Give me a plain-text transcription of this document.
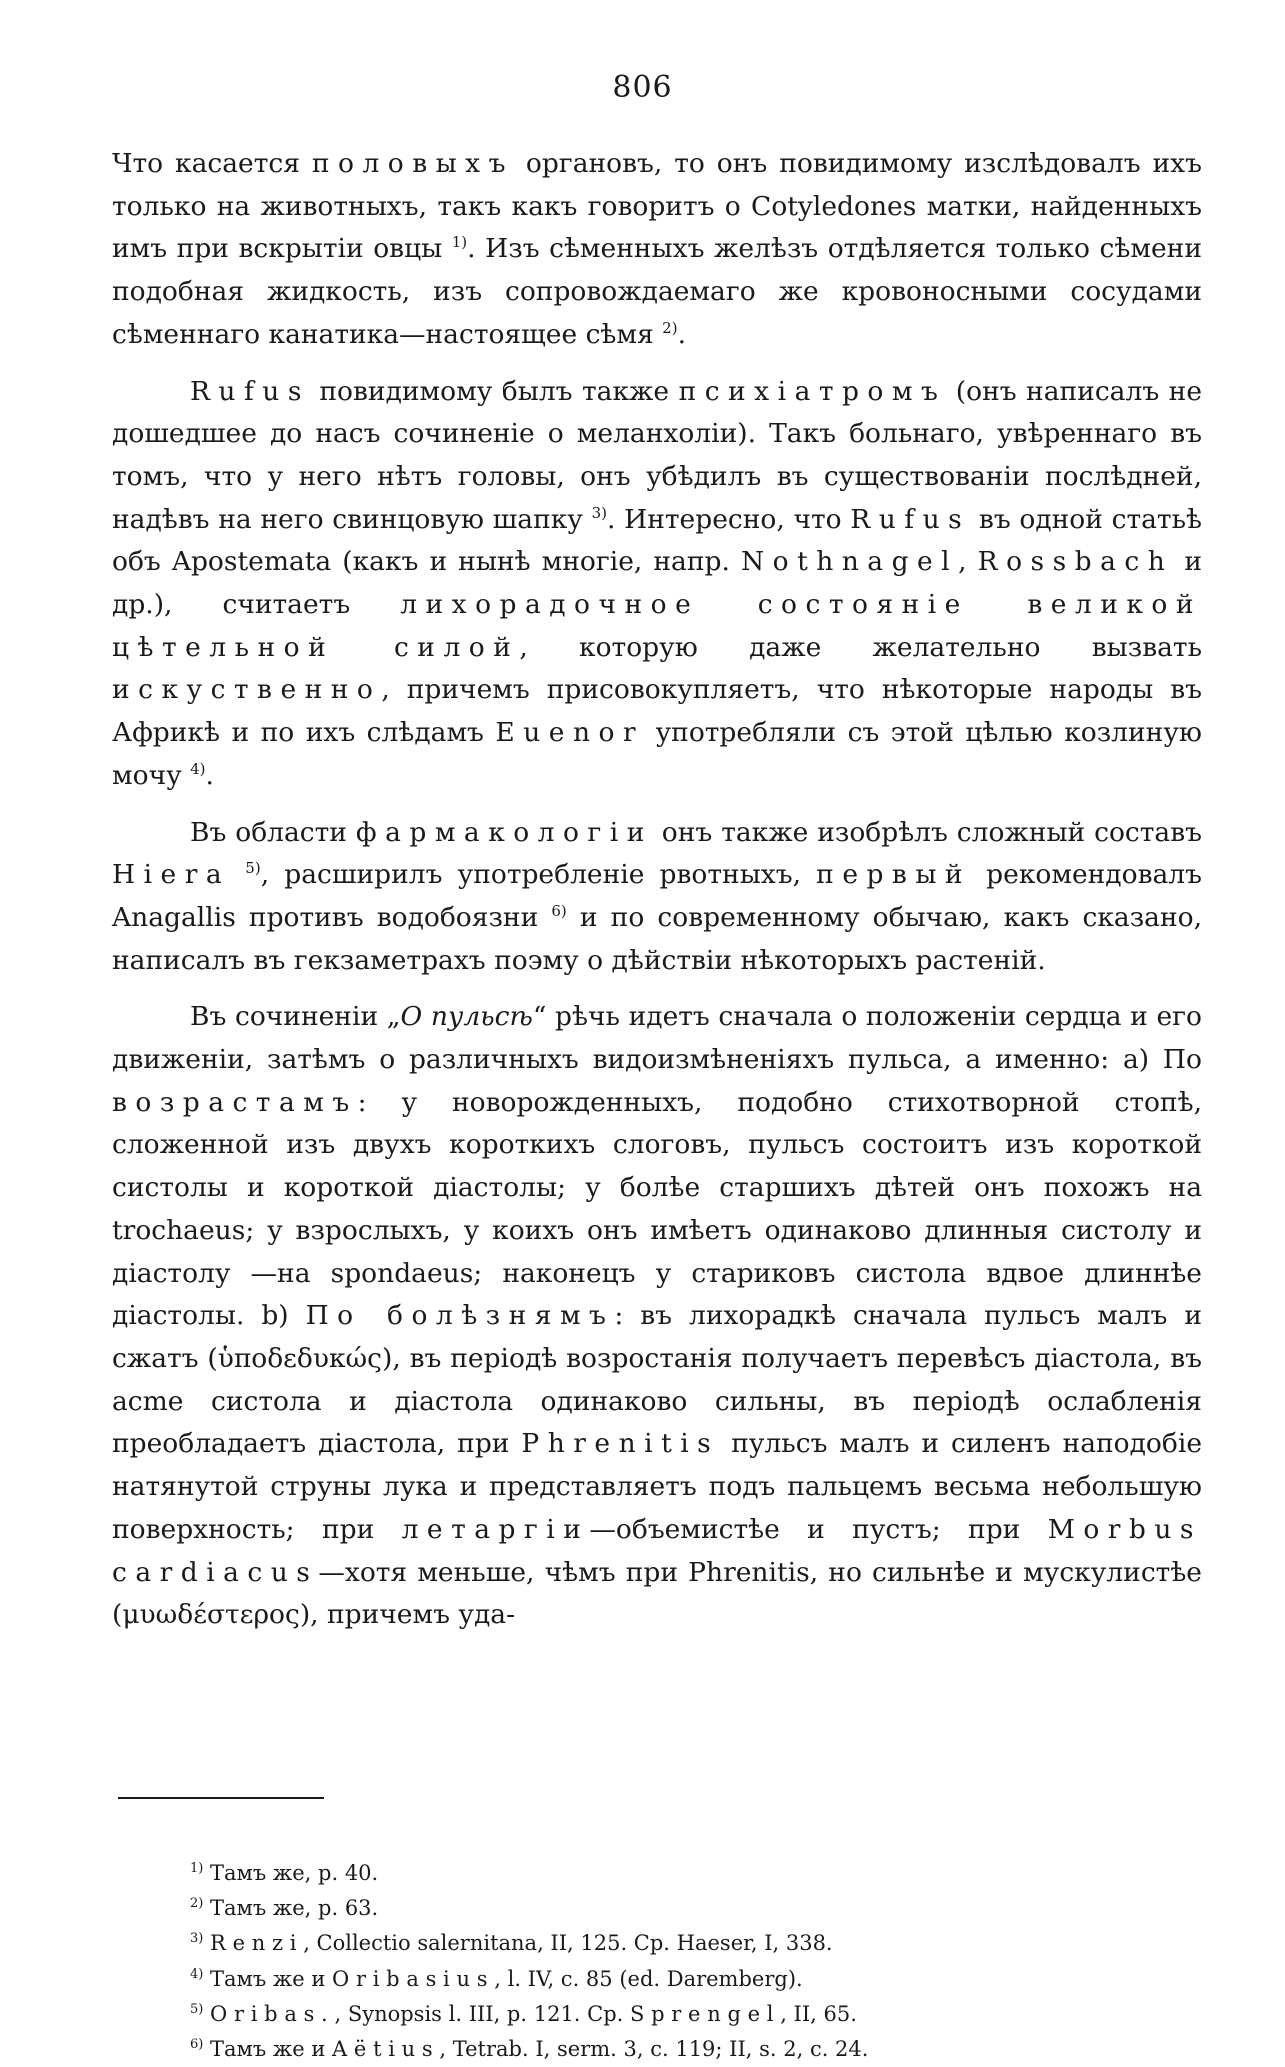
806

Что касается половыхъ органовъ, то онъ повидимому изслѣдовалъ ихъ только на животныхъ, такъ какъ говоритъ о Cotyledones матки, найденныхъ имъ при вскрытіи овцы $^{1)}$. Изъ сѣменныхъ желѣзъ отдѣляется только сѣмени подобная жидкость, изъ сопровождаемаго же кровоносными сосудами сѣменнаго канатика—настоящее сѣмя $^{2)}$.

Rufus повидимому былъ также психіатромъ (онъ написалъ не дошедшее до насъ сочиненіе о меланхоліи). Такъ больнаго, увѣреннаго въ томъ, что у него нѣтъ головы, онъ убѣдилъ въ существованіи послѣдней, надѣвъ на него свинцовую шапку $^{3)}$. Интересно, что Rufus въ одной статьѣ объ Apostemata (какъ и нынѣ многіе, напр. Nothnagel, Rossbach и др.), считаетъ лихорадочное состояніе великой цѣтельной силой, которую даже желательно вызвать искуственно, причемъ присовокупляетъ, что нѣкоторые народы въ Африкѣ и по ихъ слѣдамъ Euenor употребляли съ этой цѣлью козлиную мочу $^{4)}$.

Въ области фармакологіи онъ также изобрѣлъ сложный составъ Hiera $^{5)}$, расширилъ употребленіе рвотныхъ, первый рекомендовалъ Anagallis противъ водобоязни $^{6)}$ и по современному обычаю, какъ сказано, написалъ въ гекзаметрахъ поэму о дѣйствіи нѣкоторыхъ растеній.

Въ сочиненіи „О пульсѣ“ рѣчь идетъ сначала о положеніи сердца и его движеніи, затѣмъ о различныхъ видоизмѣненіяхъ пульса, а именно: a) По возрастамъ: у новорожденныхъ, подобно стихотворной стопѣ, сложенной изъ двухъ короткихъ слоговъ, пульсъ состоитъ изъ короткой систолы и короткой діастолы; у болѣе старшихъ дѣтей онъ похожъ на trochaeus; у взрослыхъ, у коихъ онъ имѣетъ одинаково длинныя систолу и діастолу —на spondaeus; наконецъ у стариковъ систола вдвое длиннѣе діастолы. b) По болѣзнямъ: въ лихорадкѣ сначала пульсъ малъ и сжатъ (ὑποδεδυκώς), въ періодѣ возростанія получаетъ перевѣсъ діастола, въ acme систола и діастола одинаково сильны, въ періодѣ ослабленія преобладаетъ діастола, при Phrenitis пульсъ малъ и силенъ наподобіе натянутой струны лука и представляетъ подъ пальцемъ весьма небольшую поверхность; при летаргіи—объемистѣе и пустъ; при Morbus cardiacus—хотя меньше, чѣмъ при Phrenitis, но сильнѣе и мускулистѣе (μυωδέστερος), причемъ уда-

$^{1)}$ Тамъ же, p. 40.

$^{2)}$ Тамъ же, p. 63.

$^{3)}$ Renzi, Collectio salernitana, II, 125. Cp. Haeser, I, 338.

$^{4)}$ Тамъ же и Oribasius, l. IV, c. 85 (ed. Daremberg).

$^{5)}$ Oribas., Synopsis l. III, p. 121. Cp. Sprengel, II, 65.

$^{6)}$ Тамъ же и Aëtius, Tetrab. I, serm. 3, c. 119; II, s. 2, c. 24.
